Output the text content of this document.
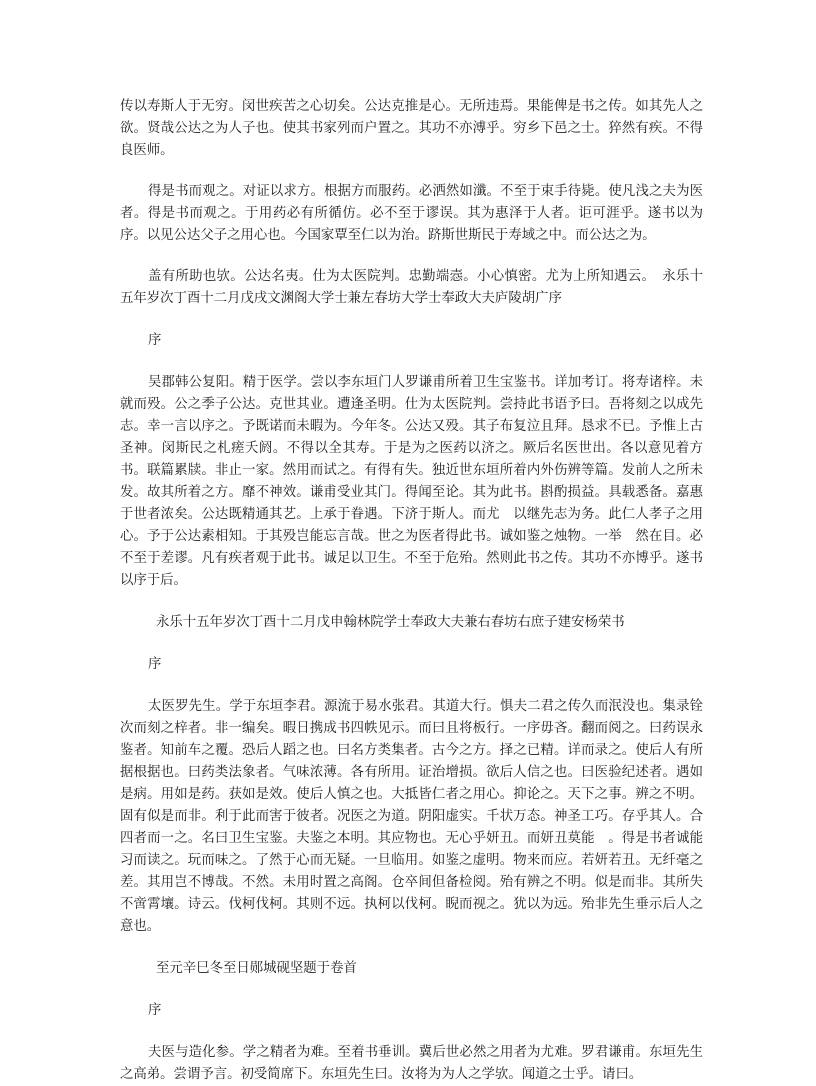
传以寿斯人于无穷。闵世疾苦之心切矣。公达克推是心。无所违焉。果能俾是书之传。如其先人之欲。贤哉公达之为人子也。使其书家列而户置之。其功不亦溥乎。穷乡下邑之士。猝然有疾。不得良医师。

得是书而观之。对证以求方。根据方而服药。必洒然如瀸。不至于束手待毙。使凡浅之夫为医者。得是书而观之。于用药必有所循仿。必不至于谬误。其为惠泽于人者。讵可涯乎。遂书以为序。以见公达父子之用心也。今国家覃至仁以为治。跻斯世斯民于寿域之中。而公达之为。

盖有所助也欤。公达名夷。仕为太医院判。忠勤端悫。小心慎密。尤为上所知遇云。　永乐十五年岁次丁酉十二月戊戌文渊阁大学士兼左春坊大学士奉政大夫庐陵胡广序

序

吴郡韩公复阳。精于医学。尝以李东垣门人罗谦甫所着卫生宝鉴书。详加考订。将寿诸梓。未就而殁。公之季子公达。克世其业。遭逢圣明。仕为太医院判。尝持此书语予曰。吾将刻之以成先志。幸一言以序之。予既诺而未暇为。今年冬。公达又殁。其子布复泣且拜。恳求不已。予惟上古圣神。闵斯民之札瘥夭阏。不得以全其寿。于是为之医药以济之。厥后名医世出。各以意见着方书。联篇累牍。非止一家。然用而试之。有得有失。独近世东垣所着内外伤辨等篇。发前人之所未发。故其所着之方。靡不神效。谦甫受业其门。得闻至论。其为此书。斟酌损益。具载悉备。嘉惠于世者浓矣。公达既精通其艺。上承于眷遇。下济于斯人。而尤　以继先志为务。此仁人孝子之用心。予于公达素相知。于其殁岂能忘言哉。世之为医者得此书。诚如鉴之烛物。一举　然在目。必不至于差谬。凡有疾者观于此书。诚足以卫生。不至于危殆。然则此书之传。其功不亦博乎。遂书以序于后。

永乐十五年岁次丁酉十二月戊申翰林院学士奉政大夫兼右春坊右庶子建安杨荣书

序

太医罗先生。学于东垣李君。源流于易水张君。其道大行。惧夫二君之传久而泯没也。集录铨次而刻之梓者。非一编矣。暇日携成书四帙见示。而曰且将板行。一序毋吝。翻而阅之。曰药误永鉴者。知前车之覆。恐后人蹈之也。曰名方类集者。古今之方。择之已精。详而录之。使后人有所据根据也。曰药类法象者。气味浓薄。各有所用。证治增损。欲后人信之也。曰医验纪述者。遇如是病。用如是药。获如是效。使后人慎之也。大抵皆仁者之用心。抑论之。天下之事。辨之不明。固有似是而非。利于此而害于彼者。况医之为道。阴阳虚实。千状万态。神圣工巧。存乎其人。合四者而一之。名曰卫生宝鉴。夫鉴之本明。其应物也。无心乎妍丑。而妍丑莫能　。得是书者诚能习而读之。玩而味之。了然于心而无疑。一旦临用。如鉴之虚明。物来而应。若妍若丑。无纤毫之差。其用岂不博哉。不然。未用时置之高阁。仓卒间但备检阅。殆有辨之不明。似是而非。其所失不啻霄壤。诗云。伐柯伐柯。其则不远。执柯以伐柯。睨而视之。犹以为远。殆非先生垂示后人之意也。

至元辛巳冬至日郧城砚坚题于卷首

序

夫医与造化参。学之精者为难。至着书垂训。冀后世必然之用者为尤难。罗君谦甫。东垣先生之高弟。尝谓予言。初受简席下。东垣先生曰。汝将为为人之学欤。闻道之士乎。请曰。
